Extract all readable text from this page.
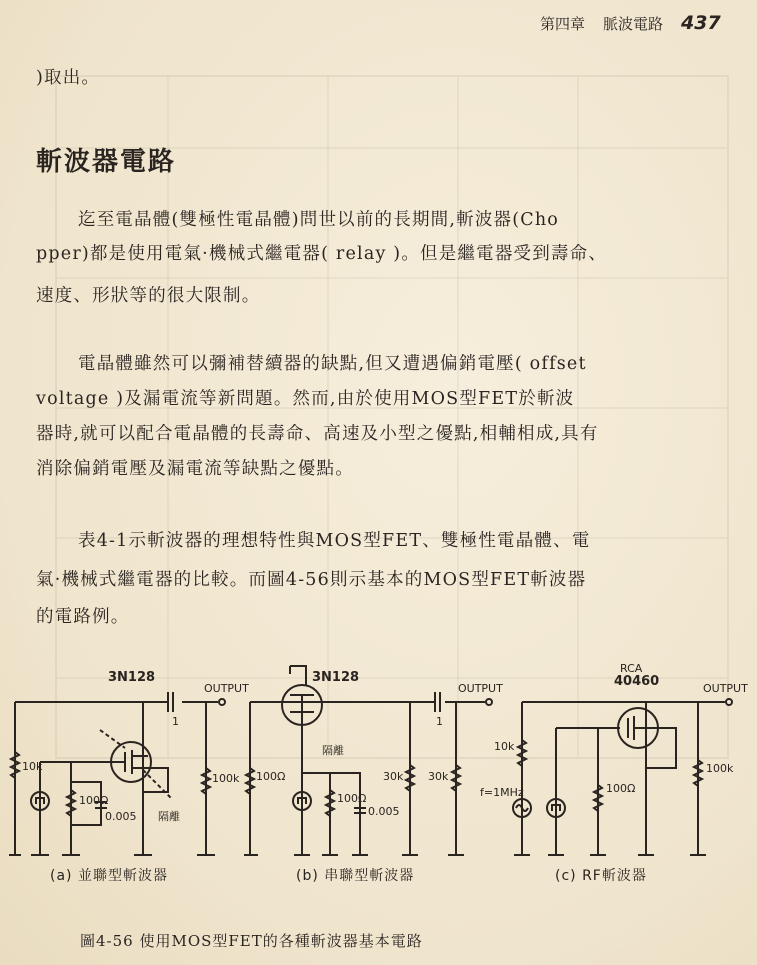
第四章 脈波電路 437
)取出。
斬波器電路
迄至電晶體(雙極性電晶體)問世以前的長期間,斬波器(Cho
pper)都是使用電氣·機械式繼電器( relay )。但是繼電器受到壽命、
速度、形狀等的很大限制。
電晶體雖然可以彌補替續器的缺點,但又遭遇偏銷電壓( offset
voltage )及漏電流等新問題。然而,由於使用MOS型FET於斬波
器時,就可以配合電晶體的長壽命、高速及小型之優點,相輔相成,具有
消除偏銷電壓及漏電流等缺點之優點。
表4-1示斬波器的理想特性與MOS型FET、雙極性電晶體、電
氣·機械式繼電器的比較。而圖4-56則示基本的MOS型FET斬波器
的電路例。
3N128
OUTPUT
1
10k
100Ω
0.005
100k
隔離
3N128
OUTPUT
1
100Ω
100Ω
0.005
30k 30k
隔離
RCA
40460	OUTPUT
10k
f=1MHz	100Ω
100k
(a) 並聯型斬波器	(b) 串聯型斬波器	(c) RF斬波器
圖4-56 使用MOS型FET的各種斬波器基本電路
